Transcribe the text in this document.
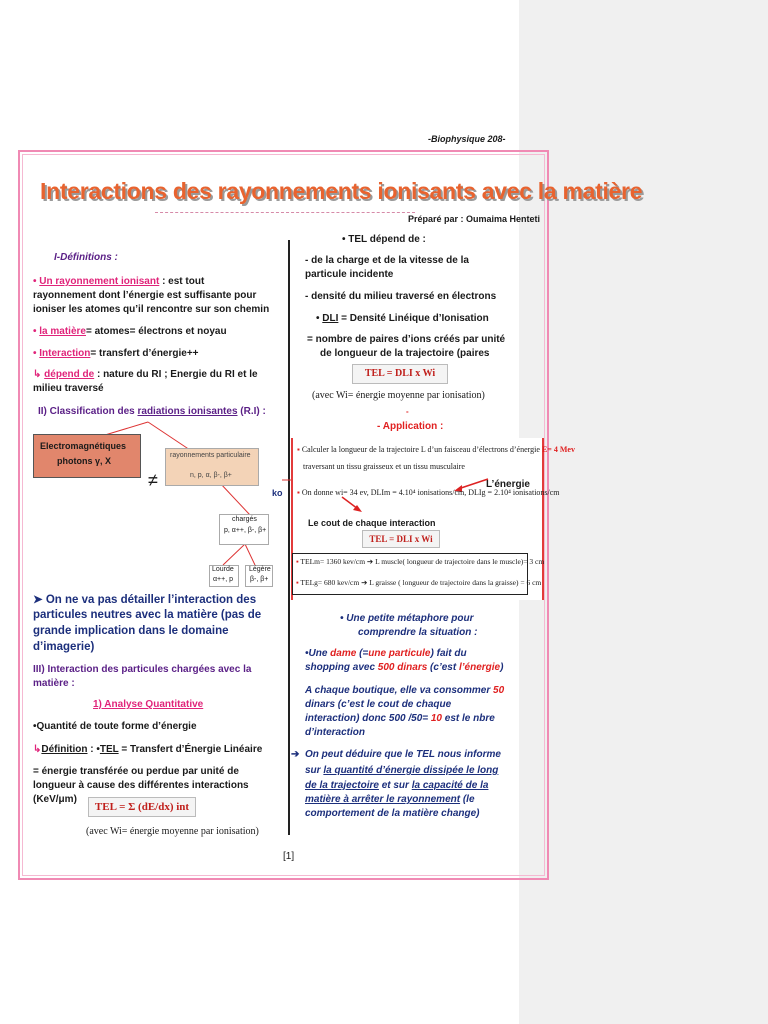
-Biophysique 208-
Interactions des rayonnements ionisants avec la matière
Préparé par : Oumaima Henteti
I-Définitions :
• Un rayonnement ionisant : est tout
rayonnement dont l’énergie est suffisante pour
ioniser les atomes qu’il rencontre sur son chemin
• la matière= atomes= électrons et noyau
• Interaction= transfert d’énergie++
↳ dépend de : nature du RI ; Energie du RI et le
milieu traversé
II) Classification des radiations ionisantes (R.I) :
Electromagnétiques
photons γ, X
≠
rayonnements particulaire
n, p, α, β-, β+
ko
chargés
p, α++, β-, β+
Lourde
α++, p
Légère
β-, β+
➤ On ne va pas détailler l’interaction des
particules neutres avec la matière (pas de
grande implication dans le domaine
d’imagerie)
III) Interaction des particules chargées avec la
matière :
1) Analyse Quantitative
•Quantité de toute forme d’énergie
↳Définition : •TEL = Transfert d’Énergie Linéaire
= énergie transférée ou perdue par unité de
longueur à cause des différentes interactions
(KeV/μm)
TEL = Σ (dE/dx) int
(avec Wi= énergie moyenne par ionisation)
• TEL dépend de :
- de la charge et de la vitesse de la
particule incidente
- densité du milieu traversé en électrons
• DLI = Densité Linéique d’Ionisation
= nombre de paires d’ions créés par unité
de longueur de la trajectoire (paires
TEL = DLI x Wi
(avec Wi= énergie moyenne par ionisation)
-
- Application :
▪ Calculer la longueur de la trajectoire L d’un faisceau d’électrons d’énergie E= 4 Mev
traversant un tissu graisseux et un tissu musculaire
L’énergie
▪ On donne wi= 34 ev, DLIm = 4.10⁴ ionisations/cm, DLIg = 2.10⁴ ionisations/cm
Le cout de chaque interaction
TEL = DLI x Wi
▪ TELm= 1360 kev/cm ➔ L muscle( longueur de trajectoire dans le muscle)= 3 cm
▪ TELg= 680 kev/cm ➔ L graisse ( longueur de trajectoire dans la graisse) = 6 cm
• Une petite métaphore pour
comprendre la situation :
•Une dame (=une particule) fait du
shopping avec 500 dinars (c’est l’énergie)
A chaque boutique, elle va consommer 50
dinars (c’est le cout de chaque
interaction) donc 500 /50= 10 est le nbre
d’interaction
➔ On peut déduire que le TEL nous informe
sur la quantité d’énergie dissipée le long
de la trajectoire et sur la capacité de la
matière à arrêter le rayonnement (le
comportement de la matière change)
[1]
